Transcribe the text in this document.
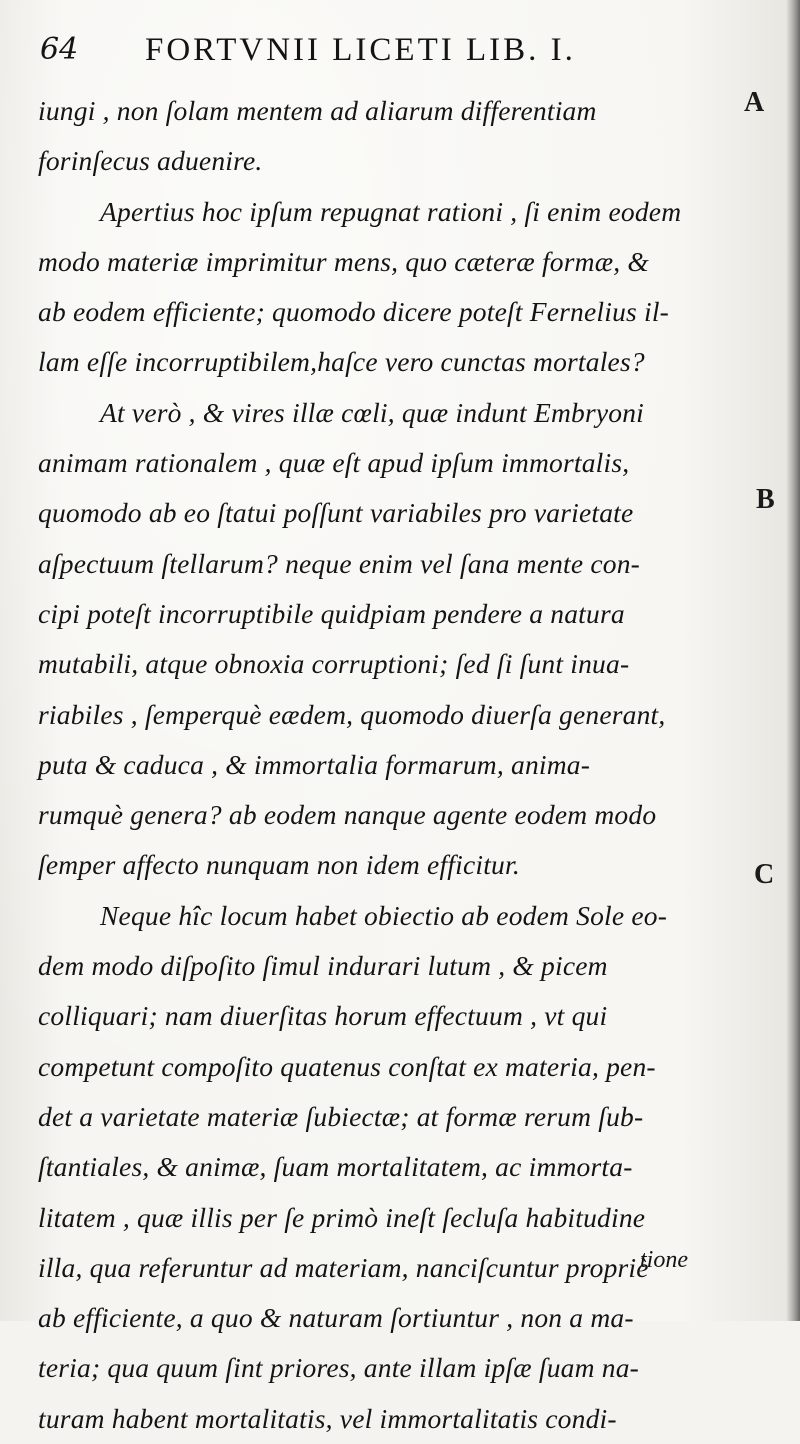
64 FORTVNII LICETI LIB. I.
A
B
C
iungi , non ſolam mentem ad aliarum differentiam
forinſecus aduenire.
Apertius hoc ipſum repugnat rationi , ſi enim eodem
modo materiæ imprimitur mens, quo cæteræ formæ, &
ab eodem efficiente; quomodo dicere poteſt Fernelius il-
lam eſſe incorruptibilem,haſce vero cunctas mortales?
At verò , & vires illæ cœli, quæ indunt Embryoni
animam rationalem , quæ eſt apud ipſum immortalis,
quomodo ab eo ſtatui poſſunt variabiles pro varietate
aſpectuum ſtellarum? neque enim vel ſana mente con-
cipi poteſt incorruptibile quidpiam pendere a natura
mutabili, atque obnoxia corruptioni; ſed ſi ſunt inua-
riabiles , ſemperquè eædem, quomodo diuerſa generant,
puta & caduca , & immortalia formarum, anima-
rumquè genera? ab eodem nanque agente eodem modo
ſemper affecto nunquam non idem efficitur.
Neque hîc locum habet obiectio ab eodem Sole eo-
dem modo diſpoſito ſimul indurari lutum , & picem
colliquari; nam diuerſitas horum effectuum , vt qui
competunt compoſito quatenus conſtat ex materia, pen-
det a varietate materiæ ſubiectæ; at formæ rerum ſub-
ſtantiales, & animæ, ſuam mortalitatem, ac immorta-
litatem , quæ illis per ſe primò ineſt ſecluſa habitudine
illa, qua referuntur ad materiam, nanciſcuntur propriè
ab efficiente, a quo & naturam ſortiuntur , non a ma-
teria; qua quum ſint priores, ante illam ipſæ ſuam na-
turam habent mortalitatis, vel immortalitatis condi-
tione
